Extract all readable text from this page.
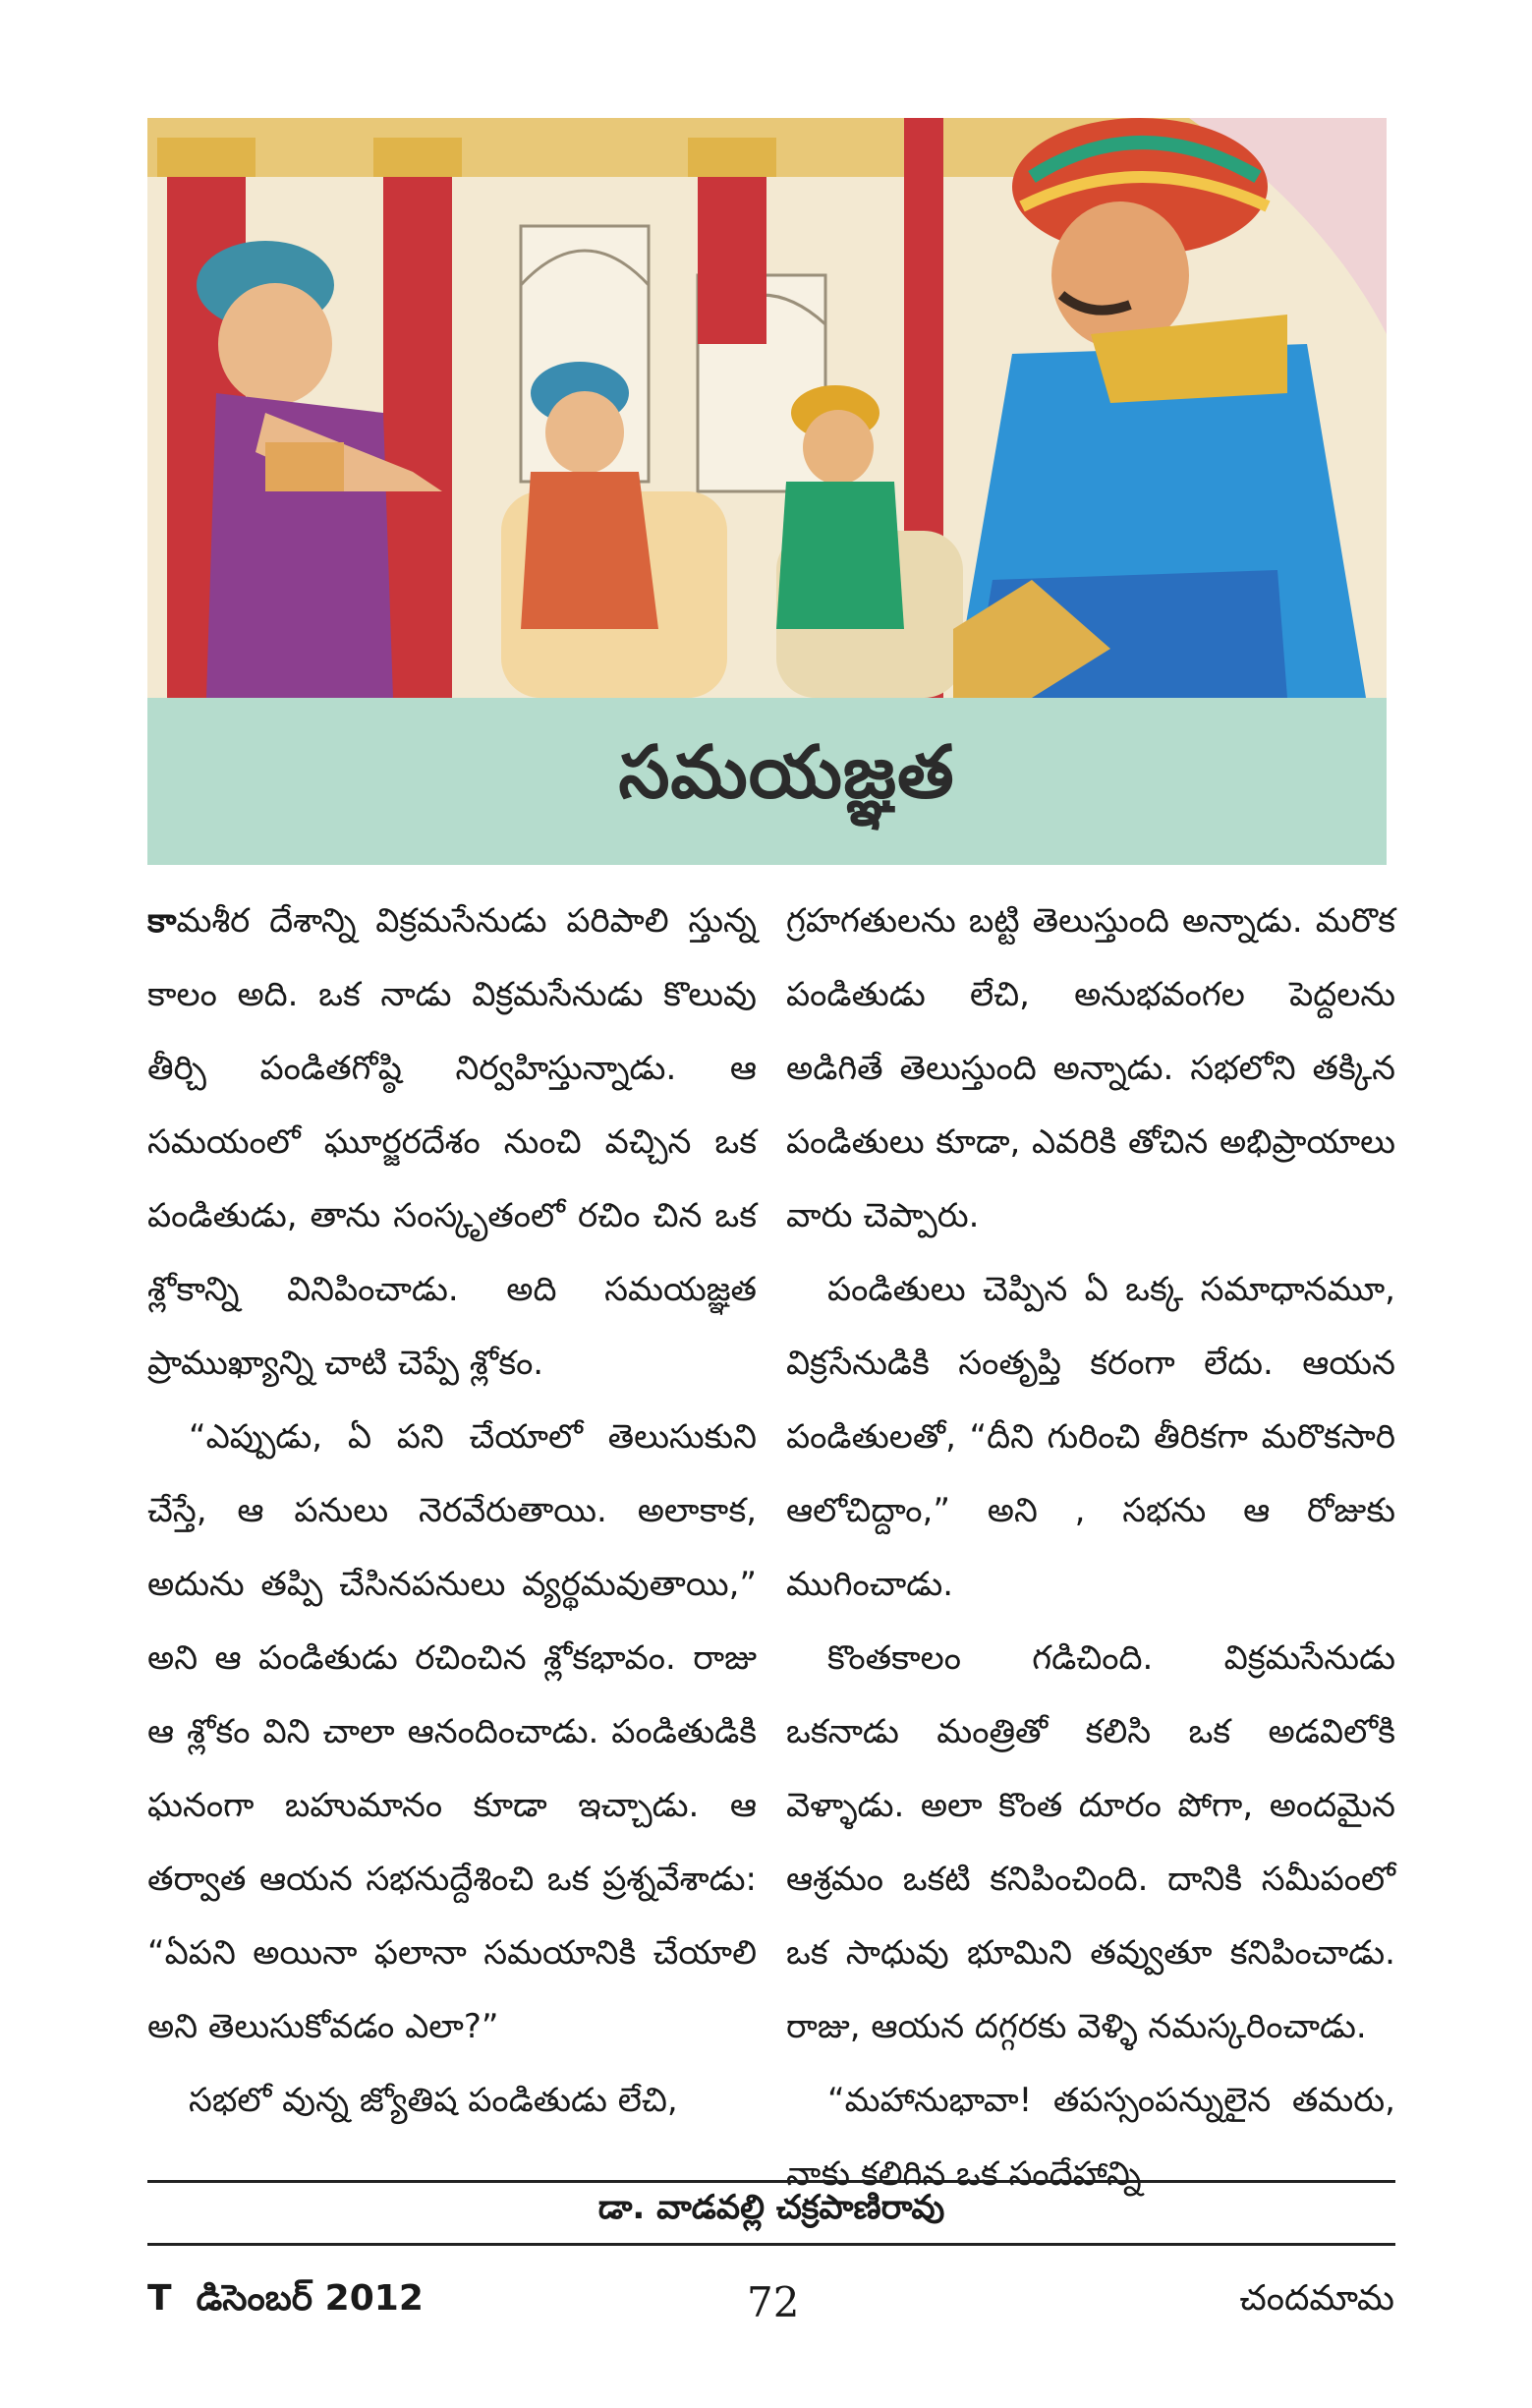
సమయజ్ఞత

కామశీర దేశాన్ని విక్రమసేనుడు పరిపాలి స్తున్న కాలం అది. ఒక నాడు విక్రమసేనుడు కొలువు తీర్చి పండితగోష్ఠి నిర్వహిస్తున్నాడు. ఆ సమయంలో ఘూర్జరదేశం నుంచి వచ్చిన ఒక పండితుడు, తాను సంస్కృతంలో రచిం చిన ఒక శ్లోకాన్ని వినిపించాడు. అది సమయజ్ఞత ప్రాముఖ్యాన్ని చాటి చెప్పే శ్లోకం.

“ఎప్పుడు, ఏ పని చేయాలో తెలుసుకుని చేస్తే, ఆ పనులు నెరవేరుతాయి. అలాకాక, అదును తప్పి చేసినపనులు వ్యర్థమవుతాయి,” అని ఆ పండితుడు రచించిన శ్లోకభావం. రాజు ఆ శ్లోకం విని చాలా ఆనందించాడు. పండితుడికి ఘనంగా బహుమానం కూడా ఇచ్చాడు. ఆ తర్వాత ఆయన సభనుద్దేశించి ఒక ప్రశ్నవేశాడు: “ఏపని అయినా ఫలానా సమయానికి చేయాలి అని తెలుసుకోవడం ఎలా?”

సభలో వున్న జ్యోతిష పండితుడు లేచి,

గ్రహగతులను బట్టి తెలుస్తుంది అన్నాడు. మరొక పండితుడు లేచి, అనుభవంగల పెద్దలను అడిగితే తెలుస్తుంది అన్నాడు. సభలోని తక్కిన పండితులు కూడా, ఎవరికి తోచిన అభిప్రాయాలు వారు చెప్పారు.

పండితులు చెప్పిన ఏ ఒక్క సమాధానమూ, విక్రసేనుడికి సంతృప్తి కరంగా లేదు. ఆయన పండితులతో, “దీని గురించి తీరికగా మరొకసారి ఆలోచిద్దాం,” అని , సభను ఆ రోజుకు ముగించాడు.

కొంతకాలం గడిచింది. విక్రమసేనుడు ఒకనాడు మంత్రితో కలిసి ఒక అడవిలోకి వెళ్ళాడు. అలా కొంత దూరం పోగా, అందమైన ఆశ్రమం ఒకటి కనిపించింది. దానికి సమీపంలో ఒక సాధువు భూమిని తవ్వుతూ కనిపించాడు. రాజు, ఆయన దగ్గరకు వెళ్ళి నమస్కరించాడు.

“మహానుభావా! తపస్సంపన్నులైన తమరు, నాకు కలిగిన ఒక సందేహాన్ని

డా. వాడవల్లి చక్రపాణిరావు
T  డిసెంబర్ 2012	72	చందమామ
